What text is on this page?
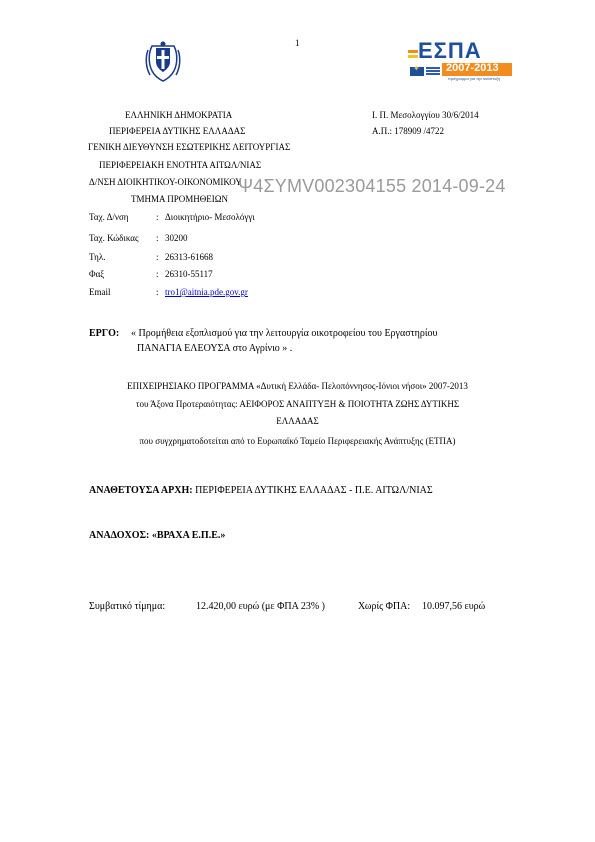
1	ΕΣΠΑ
2007-2013
✦
πρόγραμμα για την ανάπτυξη
ΕΛΛΗΝΙΚΗ ΔΗΜΟΚΡΑΤΙΑ
ΠΕΡΙΦΕΡΕΙΑ ΔΥΤΙΚΗΣ ΕΛΛΑΔΑΣ
ΓΕΝΙΚΗ ΔΙΕΥΘΥΝΣΗ ΕΣΩΤΕΡΙΚΗΣ ΛΕΙΤΟΥΡΓΙΑΣ
ΠΕΡΙΦΕΡΕΙΑΚΗ ΕΝΟΤΗΤΑ ΑΙΤΩΛ/ΝΙΑΣ
Δ/ΝΣΗ ΔΙΟΙΚΗΤΙΚΟΥ-ΟΙΚΟΝΟΜΙΚΟΥ
ΤΜΗΜΑ ΠΡΟΜΗΘΕΙΩΝ
Ι. Π. Μεσολογγίου 30/6/2014
Α.Π.: 178909 /4722
Ψ4ΣΥΜV002304155 2014-09-24
Ταχ. Δ/νση	: Διοικητήριο- Μεσολόγγι
Ταχ. Κώδικας : 30200
Τηλ.	: 26313-61668
Φαξ	: 26310-55117
Email	: tro1@aitnia.pde.gov.gr
ΕΡΓΟ: « Προμήθεια εξοπλισμού για την λειτουργία οικοτροφείου του Εργαστηρίου
ΠΑΝΑΓΙΑ ΕΛΕΟΥΣΑ στο Αγρίνιο » .
ΕΠΙΧΕΙΡΗΣΙΑΚΟ ΠΡΟΓΡΑΜΜΑ «Δυτική Ελλάδα- Πελοπόννησος-Ιόνιοι νήσοι» 2007-2013
του Άξονα Προτεραιότητας: ΑΕΙΦΟΡΟΣ ΑΝΑΠΤΥΞΗ & ΠΟΙΟΤΗΤΑ ΖΩΗΣ ΔΥΤΙΚΗΣ
ΕΛΛΑΔΑΣ
που συγχρηματοδοτείται από το Ευρωπαϊκό Ταμείο Περιφερειακής Ανάπτυξης (ΕΤΠΑ)
ΑΝΑΘΕΤΟΥΣΑ ΑΡΧΗ: ΠΕΡΙΦΕΡΕΙΑ ΔΥΤΙΚΗΣ ΕΛΛΑΔΑΣ - Π.Ε. ΑΙΤΩΛ/ΝΙΑΣ
ΑΝΑΔΟΧΟΣ: «ΒΡΑΧΑ Ε.Π.Ε.»
Συμβατικό τίμημα:	12.420,00 ευρώ (με ΦΠΑ 23% )	Χωρίς ΦΠΑ: 10.097,56 ευρώ
